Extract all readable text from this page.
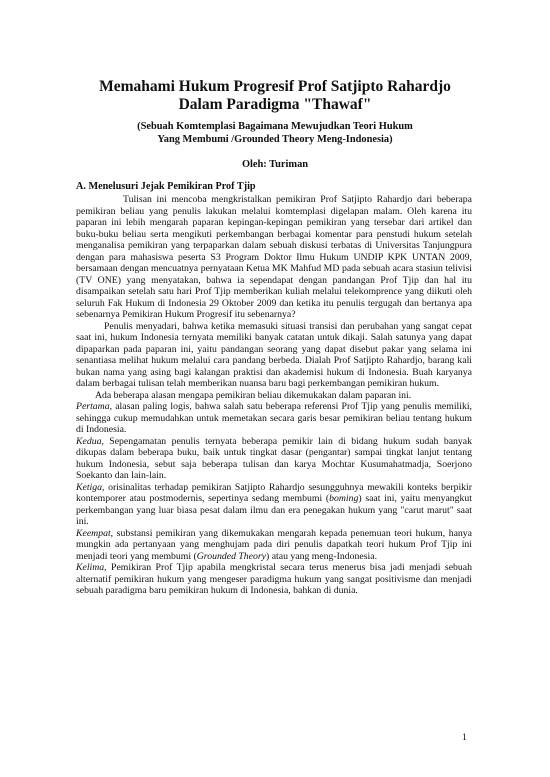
Memahami Hukum Progresif Prof Satjipto Rahardjo
Dalam Paradigma "Thawaf"
(Sebuah Komtemplasi Bagaimana Mewujudkan Teori Hukum
Yang Membumi /Grounded Theory Meng-Indonesia)
Oleh: Turiman
A. Menelusuri Jejak Pemikiran Prof Tjip

Tulisan ini mencoba mengkristalkan pemikiran Prof Satjipto Rahardjo dari beberapa pemikiran beliau yang penulis lakukan melalui komtemplasi digelapan malam. Oleh karena itu paparan ini lebih mengarah paparan kepingan-kepingan pemikiran yang tersebar dari artikel dan buku-buku beliau serta mengikuti perkembangan berbagai komentar para penstudi hukum setelah menganalisa pemikiran yang terpaparkan dalam sebuah diskusi terbatas di Universitas Tanjungpura dengan para mahasiswa peserta S3 Program Doktor Ilmu Hukum UNDIP KPK UNTAN 2009, bersamaan dengan mencuatnya pernyataan Ketua MK Mahfud MD pada sebuah acara stasiun telivisi (TV ONE) yang menyatakan, bahwa ia sependapat dengan pandangan Prof Tjip dan hal itu disampaikan setelah satu hari Prof Tjip memberikan kuliah melalui telekomprence yang diikuti oleh seluruh Fak Hukum di Indonesia 29 Oktober 2009 dan ketika itu penulis tergugah dan bertanya apa sebenarnya Pemikiran Hukum Progresif itu sebenarnya?

Penulis menyadari, bahwa ketika memasuki situasi transisi dan perubahan yang sangat cepat saat ini, hukum Indonesia ternyata memiliki banyak catatan untuk dikaji. Salah satunya yang dapat dipaparkan pada paparan ini, yaitu pandangan seorang yang dapat disebut pakar yang selama ini senantiasa melihat hukum melalui cara pandang berbeda. Dialah Prof Satjipto Rahardjo, barang kali bukan nama yang asing bagi kalangan praktisi dan akademisi hukum di Indonesia. Buah karyanya dalam berbagai tulisan telah memberikan nuansa baru bagi perkembangan pemikiran hukum.

Ada beberapa alasan mengapa pemikiran beliau dikemukakan dalam paparan ini.

Pertama, alasan paling logis, bahwa salah satu beberapa referensi Prof Tjip yang penulis memiliki, sehingga cukup memudahkan untuk memetakan secara garis besar pemikiran beliau tentang hukum di Indonesia.

Kedua, Sepengamatan penulis ternyata beberapa pemikir lain di bidang hukum sudah banyak dikupas dalam beberapa buku, baik untuk tingkat dasar (pengantar) sampai tingkat lanjut tentang hukum Indonesia, sebut saja beberapa tulisan dan karya Mochtar Kusumahatmadja, Soerjono Soekanto dan lain-lain.

Ketiga, orisinalitas terhadap pemikiran Satjipto Rahardjo sesungguhnya mewakili konteks berpikir kontemporer atau postmodernis, sepertinya sedang membumi (boming) saat ini, yaitu menyangkut perkembangan yang luar biasa pesat dalam ilmu dan era penegakan hukum yang "carut marut" saat ini.

Keempat, substansi pemikiran yang dikemukakan mengarah kepada penemuan teori hukum, hanya mungkin ada pertanyaan yang menghujam pada diri penulis dapatkah teori hukum Prof Tjip ini menjadi teori yang membumi (Grounded Theory) atau yang meng-Indonesia.

Kelima, Pemikiran Prof Tjip apabila mengkristal secara terus menerus bisa jadi menjadi sebuah alternatif pemikiran hukum yang mengeser paradigma hukum yang sangat positivisme dan menjadi sebuah paradigma baru pemikiran hukum di Indonesia, bahkan di dunia.

1
